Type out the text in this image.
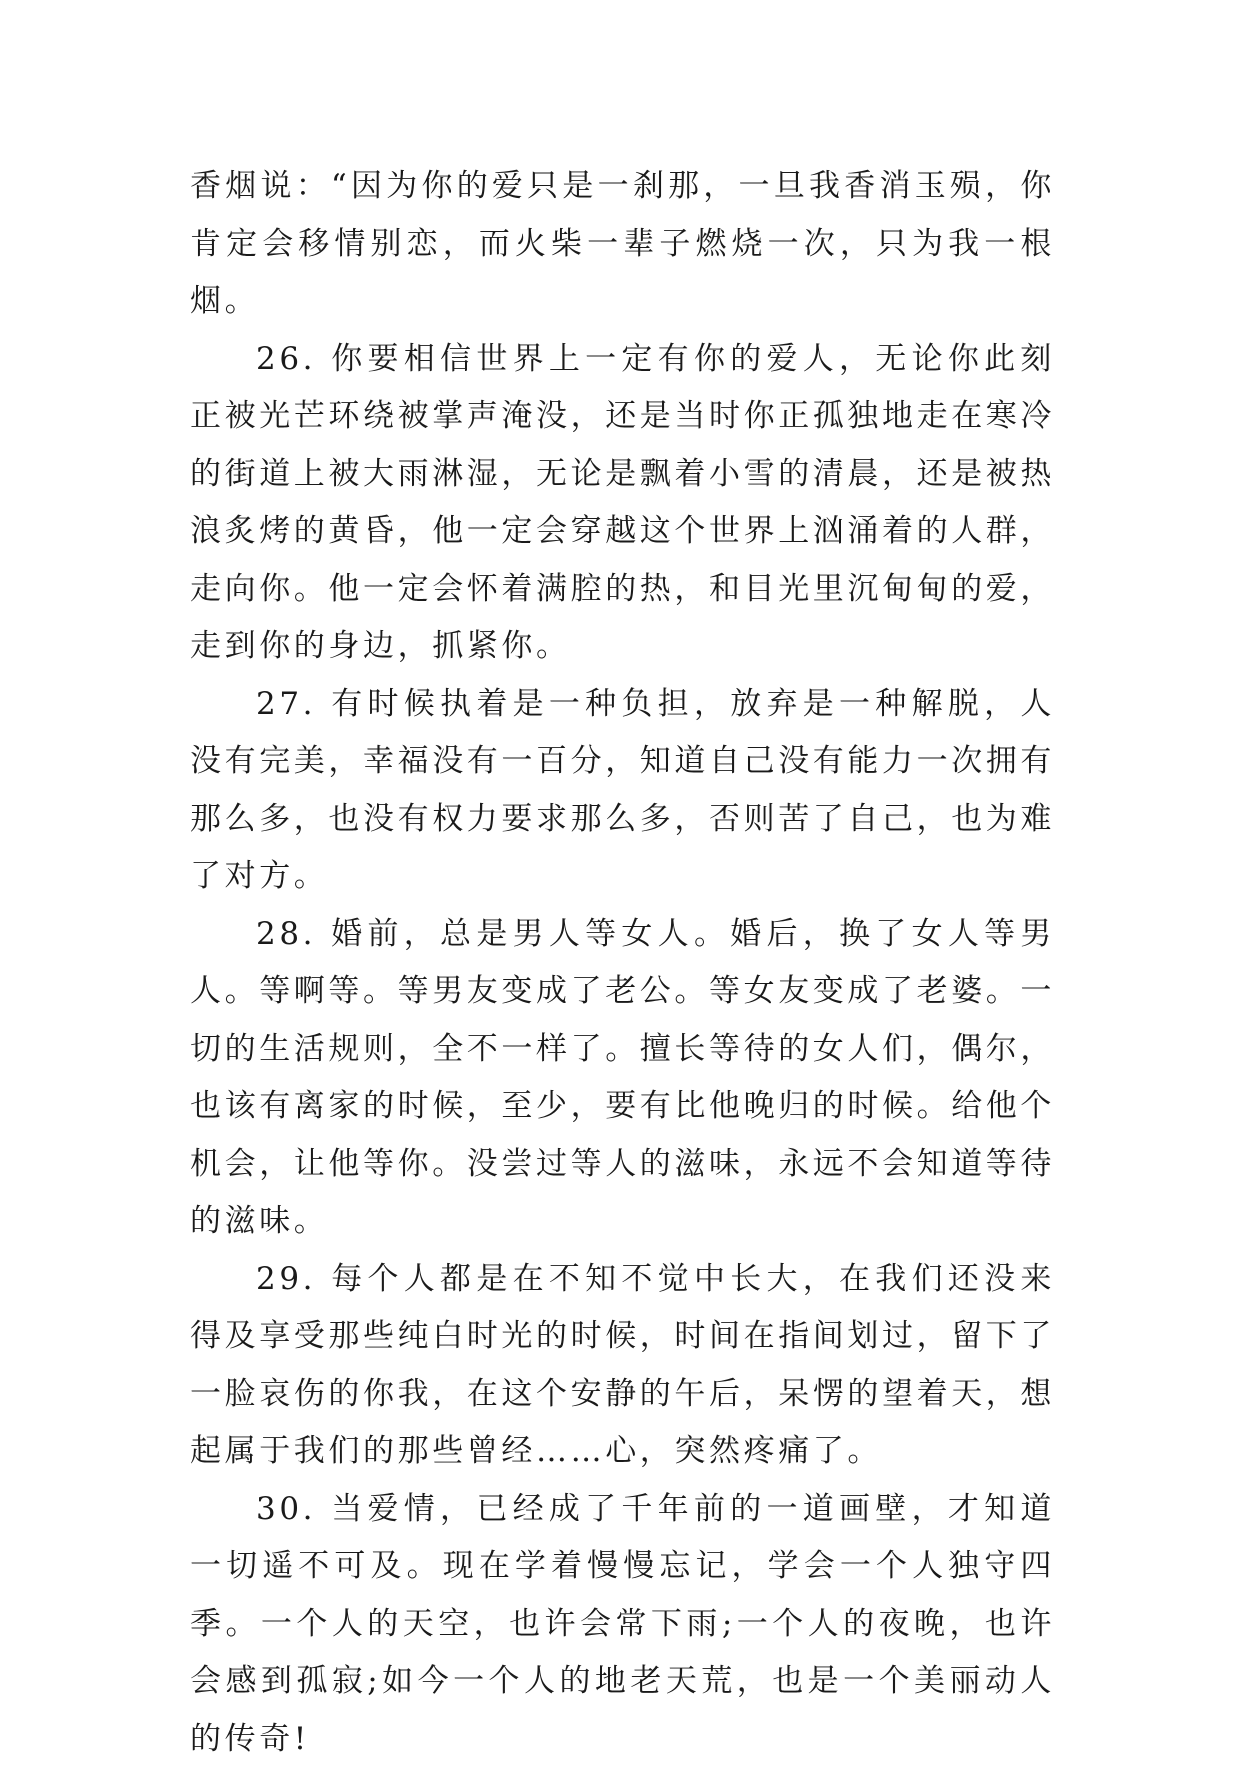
香烟说：“因为你的爱只是一刹那，一旦我香消玉殒，你肯定会移情别恋，而火柴一辈子燃烧一次，只为我一根烟。

26. 你要相信世界上一定有你的爱人，无论你此刻正被光芒环绕被掌声淹没，还是当时你正孤独地走在寒冷的街道上被大雨淋湿，无论是飘着小雪的清晨，还是被热浪炙烤的黄昏，他一定会穿越这个世界上汹涌着的人群，走向你。他一定会怀着满腔的热，和目光里沉甸甸的爱，走到你的身边，抓紧你。

27. 有时候执着是一种负担，放弃是一种解脱，人没有完美，幸福没有一百分，知道自己没有能力一次拥有那么多，也没有权力要求那么多，否则苦了自己，也为难了对方。

28. 婚前，总是男人等女人。婚后，换了女人等男人。等啊等。等男友变成了老公。等女友变成了老婆。一切的生活规则，全不一样了。擅长等待的女人们，偶尔，也该有离家的时候，至少，要有比他晚归的时候。给他个机会，让他等你。没尝过等人的滋味，永远不会知道等待的滋味。

29. 每个人都是在不知不觉中长大，在我们还没来得及享受那些纯白时光的时候，时间在指间划过，留下了一脸哀伤的你我，在这个安静的午后，呆愣的望着天，想起属于我们的那些曾经……心，突然疼痛了。

30. 当爱情，已经成了千年前的一道画壁，才知道一切遥不可及。现在学着慢慢忘记，学会一个人独守四季。一个人的天空，也许会常下雨;一个人的夜晚，也许会感到孤寂;如今一个人的地老天荒，也是一个美丽动人的传奇!
